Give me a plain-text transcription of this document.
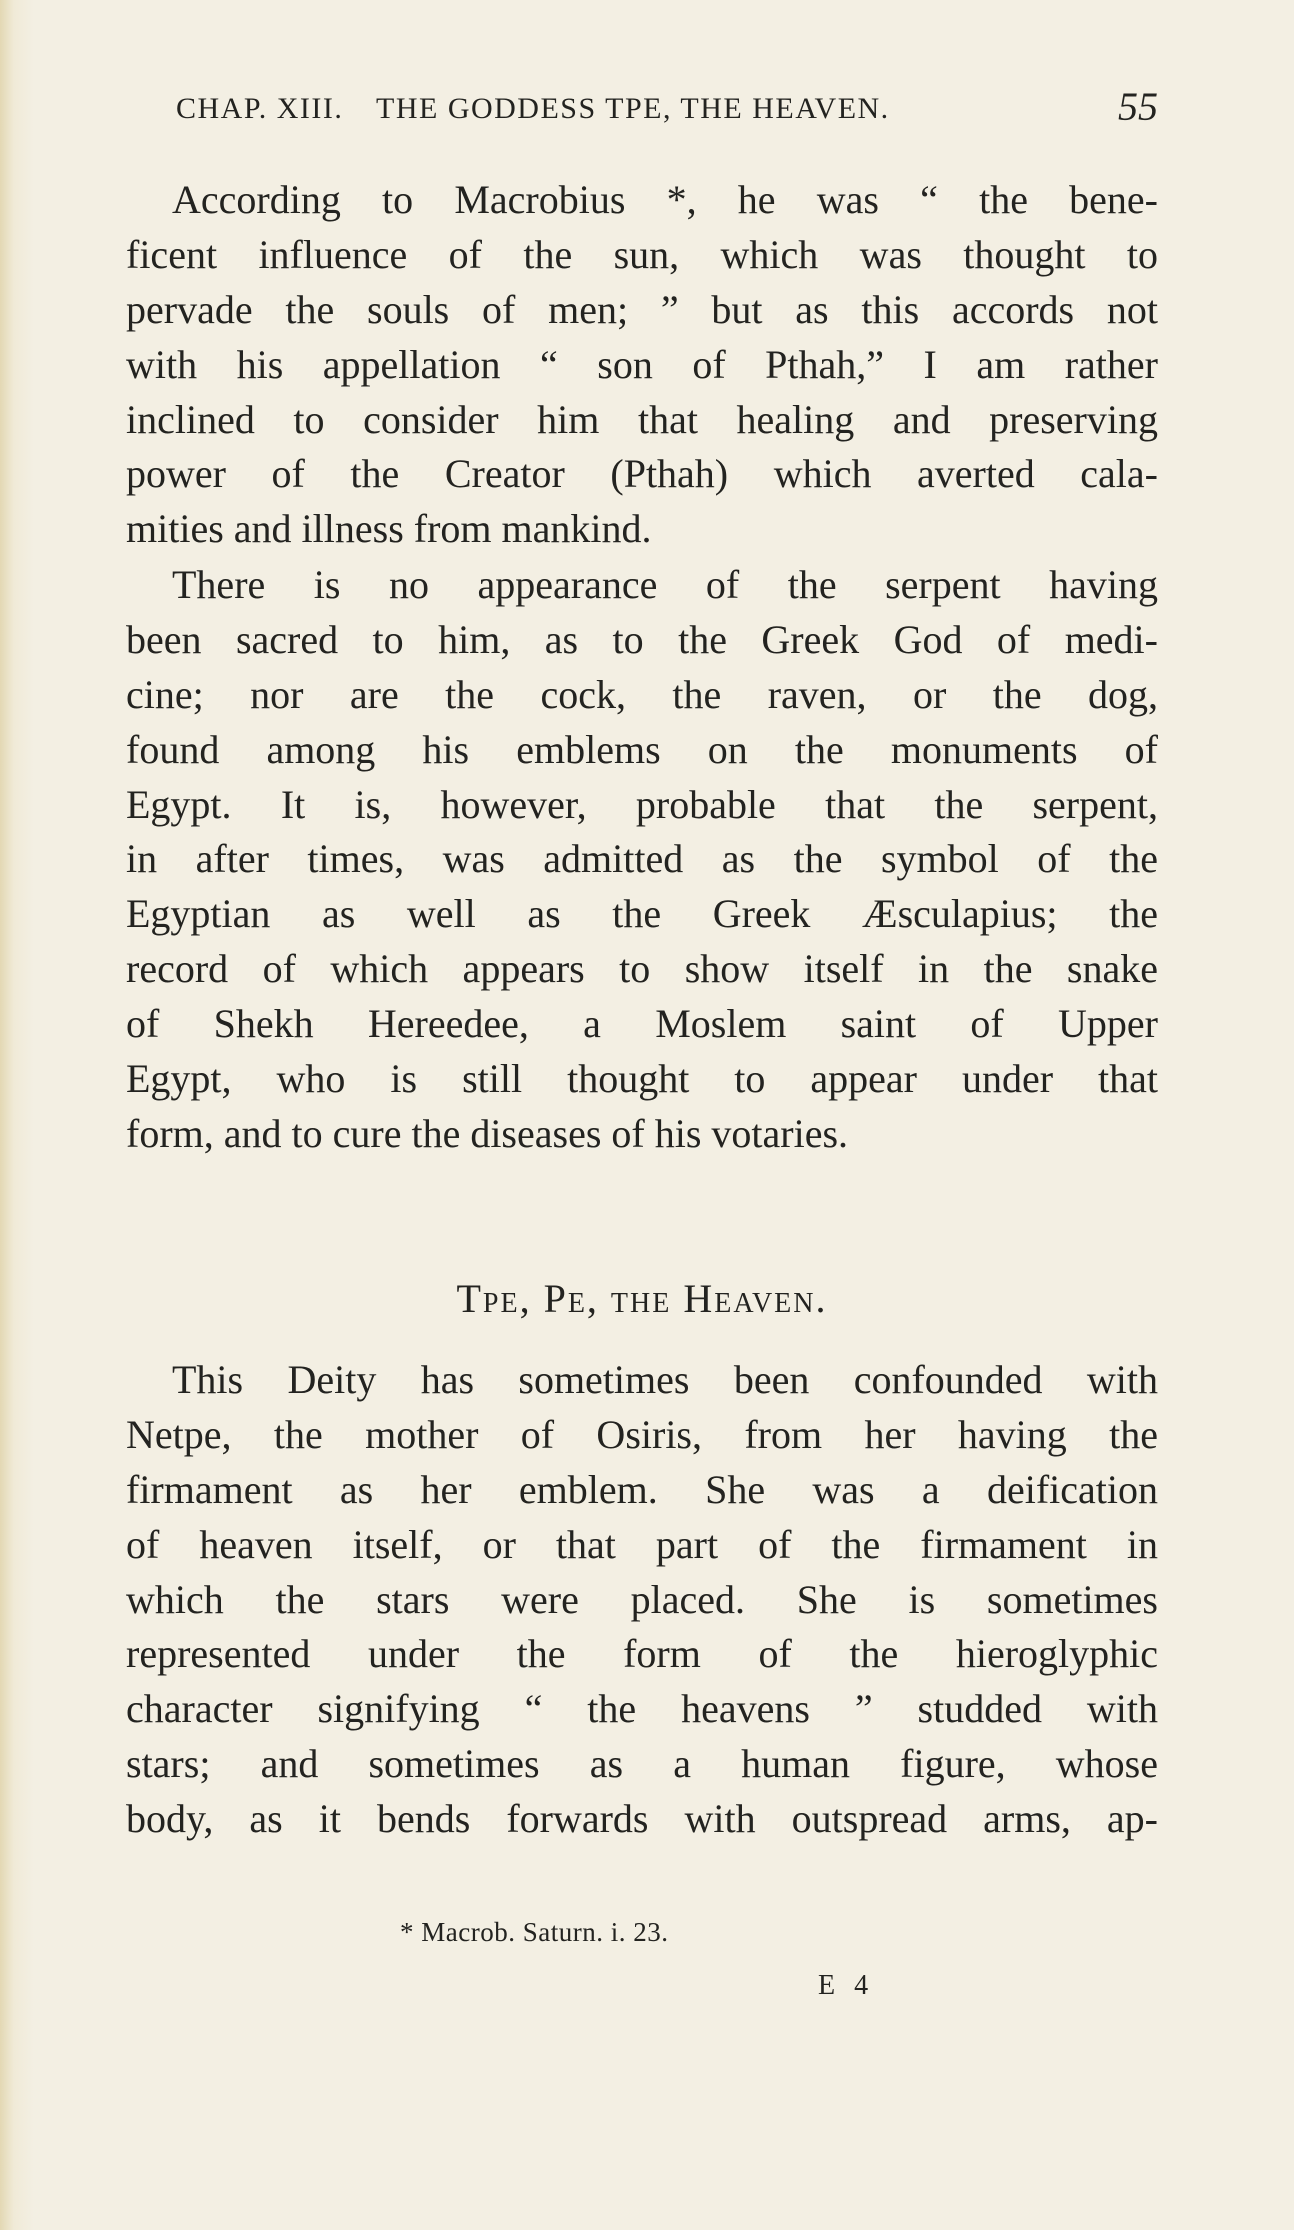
CHAP. XIII. THE GODDESS TPE, THE HEAVEN.	55

According to Macrobius *, he was “ the bene-
ficent influence of the sun, which was thought to
pervade the souls of men; ” but as this accords not
with his appellation “ son of Pthah,” I am rather
inclined to consider him that healing and preserving
power of the Creator (Pthah) which averted cala-
mities and illness from mankind.

There is no appearance of the serpent having
been sacred to him, as to the Greek God of medi-
cine; nor are the cock, the raven, or the dog,
found among his emblems on the monuments of
Egypt. It is, however, probable that the serpent,
in after times, was admitted as the symbol of the
Egyptian as well as the Greek Æsculapius; the
record of which appears to show itself in the snake
of Shekh Hereedee, a Moslem saint of Upper
Egypt, who is still thought to appear under that
form, and to cure the diseases of his votaries.

Tpe, Pe, the Heaven.

This Deity has sometimes been confounded with
Netpe, the mother of Osiris, from her having the
firmament as her emblem. She was a deification
of heaven itself, or that part of the firmament in
which the stars were placed. She is sometimes
represented under the form of the hieroglyphic
character signifying “ the heavens ” studded with
stars; and sometimes as a human figure, whose
body, as it bends forwards with outspread arms, ap-

* Macrob. Saturn. i. 23.
E 4
